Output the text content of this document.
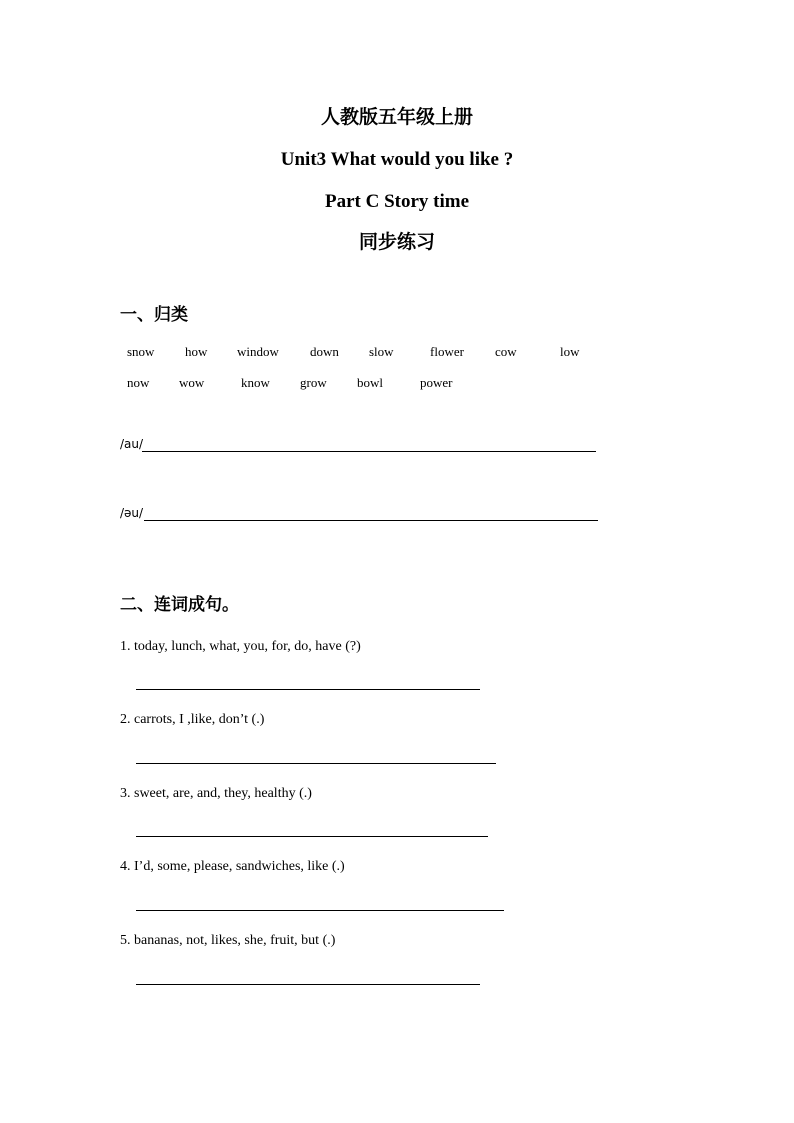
人教版五年级上册
Unit3 What would you like ?
Part C Story time
同步练习
一、归类
snow how window down slow	flower cow	low
now wow	know grow bowl	power
/au/
/əu/
二、连词成句。
1. today, lunch, what, you, for, do, have (?)
2. carrots, I ,like, don’t (.)
3. sweet, are, and, they, healthy (.)
4. I’d, some, please, sandwiches, like (.)
5. bananas, not, likes, she, fruit, but (.)
